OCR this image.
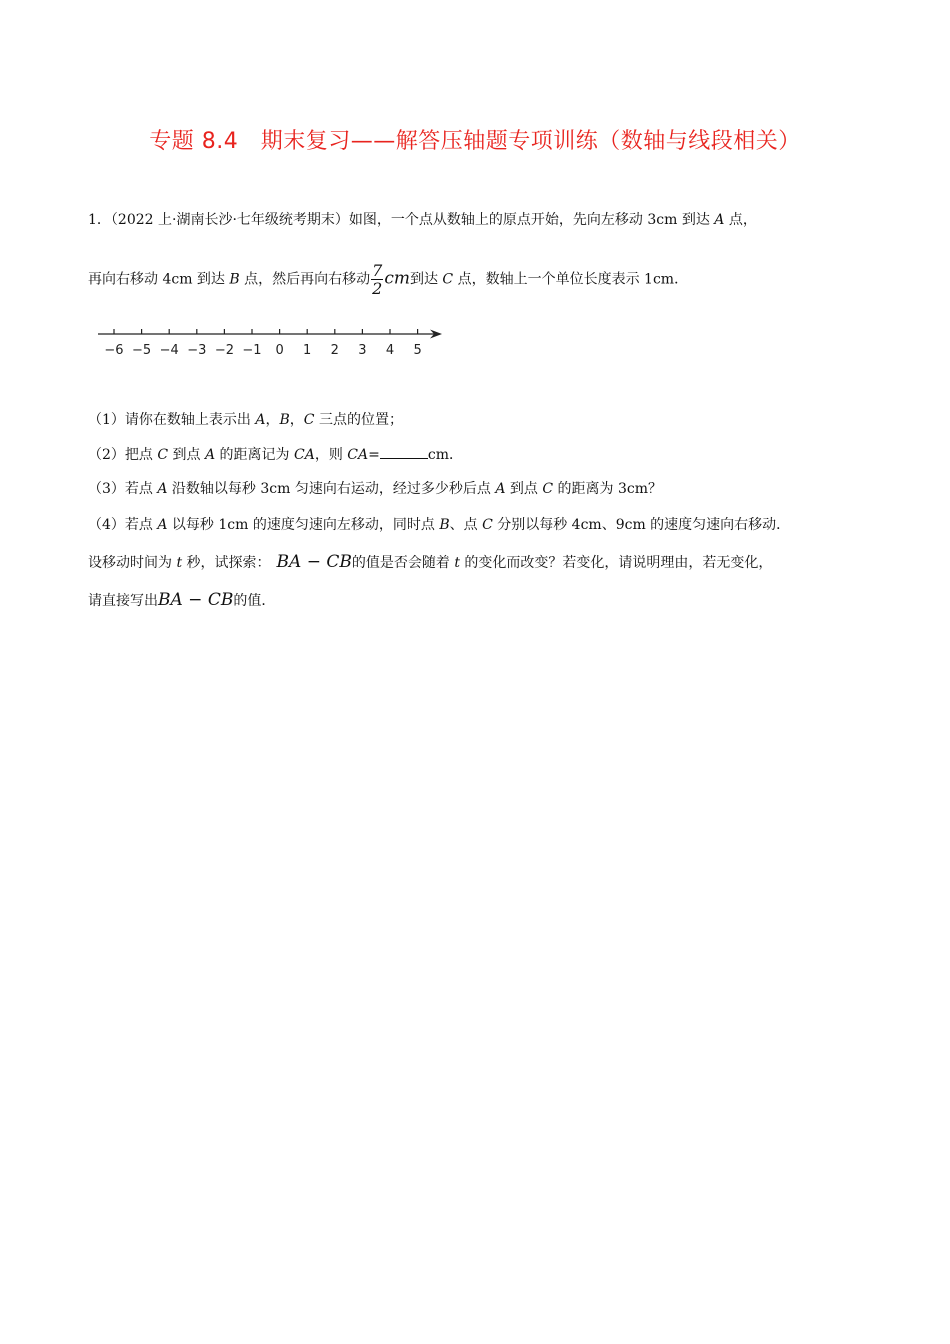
专题 8.4　期末复习——解答压轴题专项训练（数轴与线段相关）
1．（2022 上·湖南长沙·七年级统考期末）如图，一个点从数轴上的原点开始，先向左移动 3cm 到达 A 点，
再向右移动 4cm 到达 B 点，然后再向右移动 $\frac{7}{2}$ cm到达 C 点，数轴上一个单位长度表示 1cm．
−6 −5 −4 −3 −2 −1 0 1 2 3 4 5
（1）请你在数轴上表示出 A，B，C 三点的位置；
（2）把点 C 到点 A 的距离记为 CA，则 CA=	cm．
（3）若点 A 沿数轴以每秒 3cm 匀速向右运动，经过多少秒后点 A 到点 C 的距离为 3cm？
（4）若点 A 以每秒 1cm 的速度匀速向左移动，同时点 B、点 C 分别以每秒 4cm、9cm 的速度匀速向右移动．
设移动时间为 t 秒，试探索： BA − CB的值是否会随着 t 的变化而改变？若变化，请说明理由，若无变化，
请直接写出BA − CB的值．
